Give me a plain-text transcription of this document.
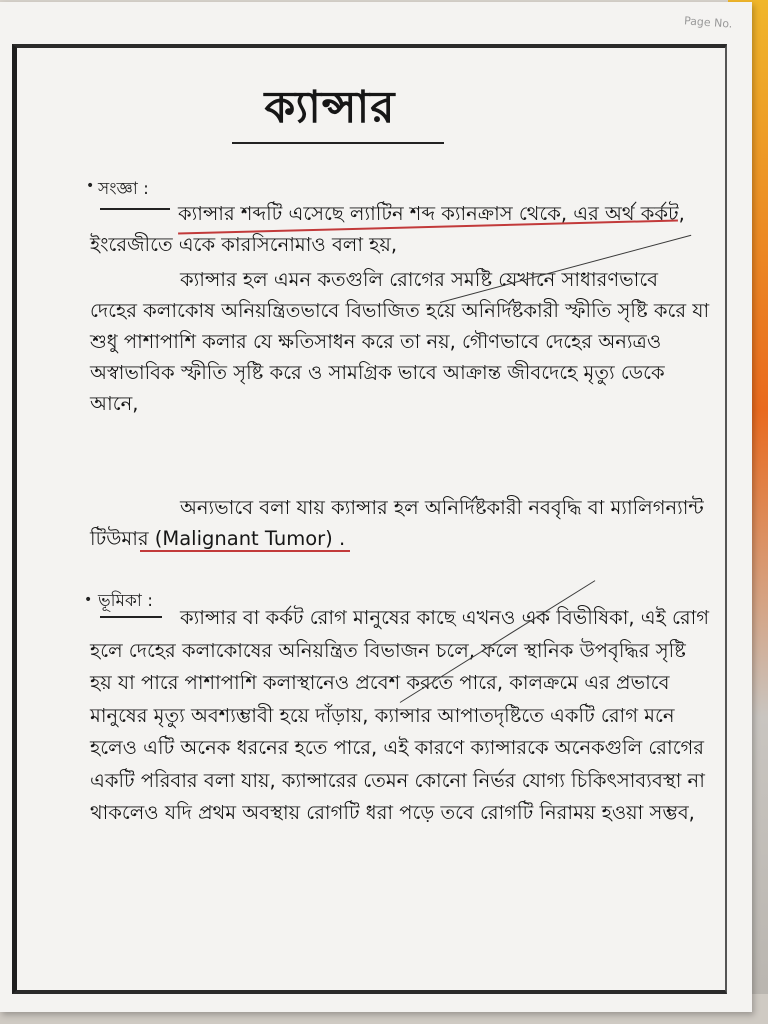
Page No.
ক্যান্সার
• সংজ্ঞা :
ক্যান্সার শব্দটি এসেছে ল্যাটিন শব্দ ক্যানক্রাস থেকে, এর অর্থ কর্কট, ইংরেজীতে একে কারসিনোমাও বলা হয়,
ক্যান্সার হল এমন কতগুলি রোগের সমষ্টি যেখানে সাধারণভাবে দেহের কলাকোষ অনিয়ন্ত্রিতভাবে বিভাজিত হয়ে অনির্দিষ্টকারী স্ফীতি সৃষ্টি করে যা শুধু পাশাপাশি কলার যে ক্ষতিসাধন করে তা নয়, গৌণভাবে দেহের অন্যত্রও অস্বাভাবিক স্ফীতি সৃষ্টি করে ও সামগ্রিক ভাবে আক্রান্ত জীবদেহে মৃত্যু ডেকে আনে,
অন্যভাবে বলা যায় ক্যান্সার হল অনির্দিষ্টকারী নববৃদ্ধি বা ম্যালিগন্যান্ট টিউমার (Malignant Tumor) .
• ভূমিকা :
ক্যান্সার বা কর্কট রোগ মানুষের কাছে এখনও এক বিভীষিকা, এই রোগ হলে দেহের কলাকোষের অনিয়ন্ত্রিত বিভাজন চলে, ফলে স্থানিক উপবৃদ্ধির সৃষ্টি হয় যা পারে পাশাপাশি কলাস্থানেও প্রবেশ করতে পারে, কালক্রমে এর প্রভাবে মানুষের মৃত্যু অবশ্যম্ভাবী হয়ে দাঁড়ায়, ক্যান্সার আপাতদৃষ্টিতে একটি রোগ মনে হলেও এটি অনেক ধরনের হতে পারে, এই কারণে ক্যান্সারকে অনেকগুলি রোগের একটি পরিবার বলা যায়, ক্যান্সারের তেমন কোনো নির্ভর যোগ্য চিকিৎসাব্যবস্থা না থাকলেও যদি প্রথম অবস্থায় রোগটি ধরা পড়ে তবে রোগটি নিরাময় হওয়া সম্ভব,
